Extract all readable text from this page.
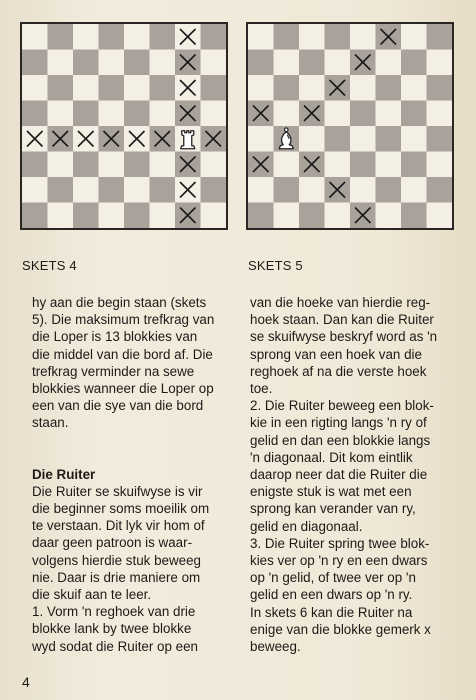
SKETS 4	SKETS 5

hy aan die begin staan (skets

5). Die maksimum trefkrag van

die Loper is 13 blokkies van

die middel van die bord af. Die

trefkrag verminder na sewe

blokkies wanneer die Loper op

een van die sye van die bord

staan.

Die Ruiter

Die Ruiter se skuifwyse is vir

die beginner soms moeilik om

te verstaan. Dit lyk vir hom of

daar geen patroon is waar-

volgens hierdie stuk beweeg

nie. Daar is drie maniere om

die skuif aan te leer.

1. Vorm 'n reghoek van drie

blokke lank by twee blokke

wyd sodat die Ruiter op een

van die hoeke van hierdie reg-

hoek staan. Dan kan die Ruiter

se skuifwyse beskryf word as 'n

sprong van een hoek van die

reghoek af na die verste hoek

toe.

2. Die Ruiter beweeg een blok-

kie in een rigting langs 'n ry of

gelid en dan een blokkie langs

'n diagonaal. Dit kom eintlik

daarop neer dat die Ruiter die

enigste stuk is wat met een

sprong kan verander van ry,

gelid en diagonaal.

3. Die Ruiter spring twee blok-

kies ver op 'n ry en een dwars

op 'n gelid, of twee ver op 'n

gelid en een dwars op 'n ry.

In skets 6 kan die Ruiter na

enige van die blokke gemerk x

beweeg.

4
